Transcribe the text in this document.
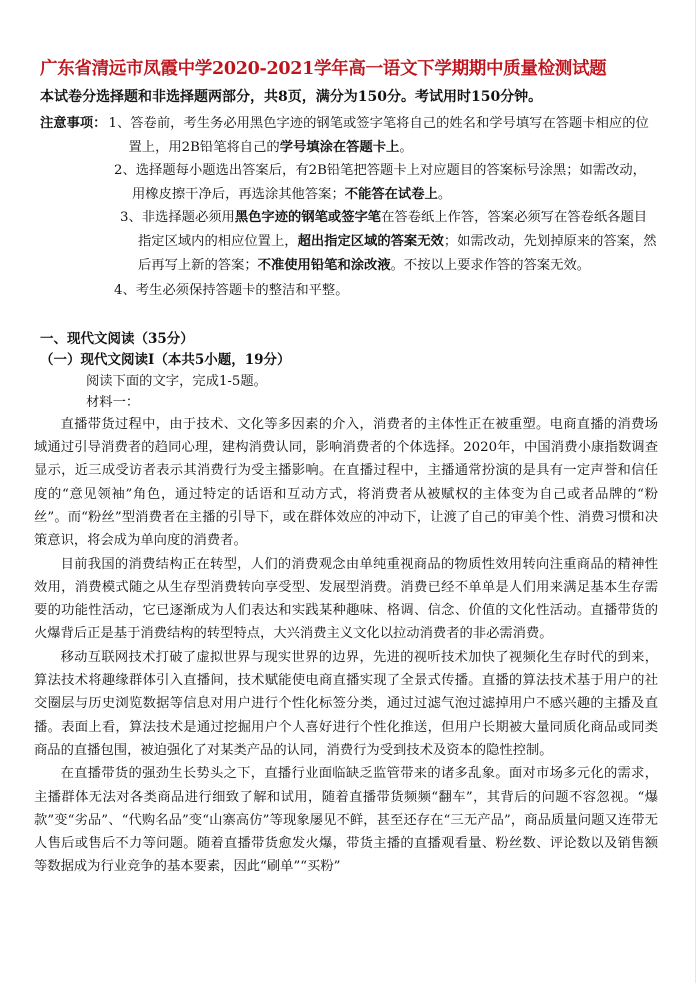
广东省清远市凤霞中学2020-2021学年高一语文下学期期中质量检测试题
本试卷分选择题和非选择题两部分，共8页，满分为150分。考试用时150分钟。
注意事项： 1、答卷前，考生务必用黑色字迹的钢笔或签字笔将自己的姓名和学号填写在答题卡相应的位置上，用2B铅笔将自己的学号填涂在答题卡上。
2、选择题每小题选出答案后，有2B铅笔把答题卡上对应题目的答案标号涂黑；如需改动，用橡皮擦干净后，再选涂其他答案；不能答在试卷上。
3、非选择题必须用黑色字迹的钢笔或签字笔在答卷纸上作答，答案必须写在答卷纸各题目指定区域内的相应位置上，超出指定区域的答案无效；如需改动，先划掉原来的答案，然后再写上新的答案；不准使用铅笔和涂改液。不按以上要求作答的答案无效。
4、考生必须保持答题卡的整洁和平整。
一、现代文阅读（35分）
（一）现代文阅读Ⅰ（本共5小题，19分）
阅读下面的文字，完成1-5题。
材料一：

直播带货过程中，由于技术、文化等多因素的介入，消费者的主体性正在被重塑。电商直播的消费场域通过引导消费者的趋同心理，建构消费认同，影响消费者的个体选择。2020年，中国消费小康指数调查显示，近三成受访者表示其消费行为受主播影响。在直播过程中，主播通常扮演的是具有一定声誉和信任度的“意见领袖”角色，通过特定的话语和互动方式，将消费者从被赋权的主体变为自己或者品牌的“粉丝”。而“粉丝”型消费者在主播的引导下，或在群体效应的冲动下，让渡了自己的审美个性、消费习惯和决策意识，将会成为单向度的消费者。

目前我国的消费结构正在转型，人们的消费观念由单纯重视商品的物质性效用转向注重商品的精神性效用，消费模式随之从生存型消费转向享受型、发展型消费。消费已经不单单是人们用来满足基本生存需要的功能性活动，它已逐渐成为人们表达和实践某种趣味、格调、信念、价值的文化性活动。直播带货的火爆背后正是基于消费结构的转型特点，大兴消费主义文化以拉动消费者的非必需消费。

移动互联网技术打破了虚拟世界与现实世界的边界，先进的视听技术加快了视频化生存时代的到来，算法技术将趣缘群体引入直播间，技术赋能使电商直播实现了全景式传播。直播的算法技术基于用户的社交圈层与历史浏览数据等信息对用户进行个性化标签分类，通过过滤气泡过滤掉用户不感兴趣的主播及直播。表面上看，算法技术是通过挖掘用户个人喜好进行个性化推送，但用户长期被大量同质化商品或同类商品的直播包围，被迫强化了对某类产品的认同，消费行为受到技术及资本的隐性控制。

在直播带货的强劲生长势头之下，直播行业面临缺乏监管带来的诸多乱象。面对市场多元化的需求，主播群体无法对各类商品进行细致了解和试用，随着直播带货频频“翻车”，其背后的问题不容忽视。“爆款”变“劣品”、“代购名品”变“山寨高仿”等现象屡见不鲜，甚至还存在“三无产品”，商品质量问题又连带无人售后或售后不力等问题。随着直播带货愈发火爆，带货主播的直播观看量、粉丝数、评论数以及销售额等数据成为行业竞争的基本要素，因此“刷单”“买粉”
